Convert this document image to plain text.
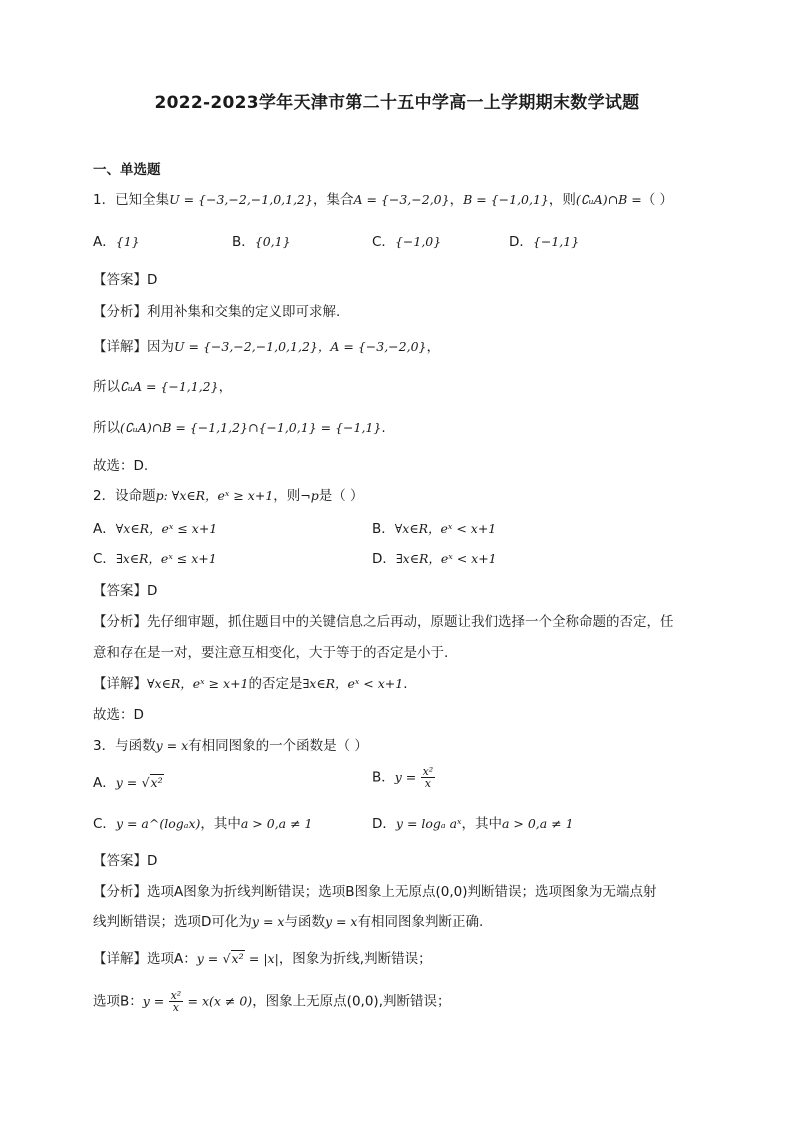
2022-2023学年天津市第二十五中学高一上学期期末数学试题
一、单选题
1．已知全集U = {−3,−2,−1,0,1,2}，集合A = {−3,−2,0}，B = {−1,0,1}，则(∁ᵤA)∩B =（ ）
A．{1}	B．{0,1}	C．{−1,0}	D．{−1,1}
【答案】D
【分析】利用补集和交集的定义即可求解.
【详解】因为U = {−3,−2,−1,0,1,2}，A = {−3,−2,0}，
所以∁ᵤA = {−1,1,2}，
所以(∁ᵤA)∩B = {−1,1,2}∩{−1,0,1} = {−1,1}.
故选：D.
2．设命题p: ∀x∈R，eˣ ≥ x+1，则¬p是（ ）
A．∀x∈R，eˣ ≤ x+1	B．∀x∈R，eˣ < x+1
C．∃x∈R，eˣ ≤ x+1	D．∃x∈R，eˣ < x+1
【答案】D
【分析】先仔细审题，抓住题目中的关键信息之后再动，原题让我们选择一个全称命题的否定，任
意和存在是一对，要注意互相变化，大于等于的否定是小于.
【详解】∀x∈R，eˣ ≥ x+1的否定是∃x∈R，eˣ < x+1.
故选：D
3．与函数y = x有相同图象的一个函数是（ ）
A．y = √x²	B．$y = \frac{\text{x²}}{x}$
C．y = a^(logₐx)，其中a > 0,a ≠ 1	D．y = logₐ aˣ，其中a > 0,a ≠ 1
【答案】D
【分析】选项A图象为折线判断错误；选项B图象上无原点(0,0)判断错误；选项图象为无端点射
线判断错误；选项D可化为y = x与函数y = x有相同图象判断正确.
【详解】选项A：y = √x² = |x|，图象为折线,判断错误；
选项B：$y = \frac{\text{x²}}{x} = x(x \ne 0)$，图象上无原点(0,0),判断错误；
